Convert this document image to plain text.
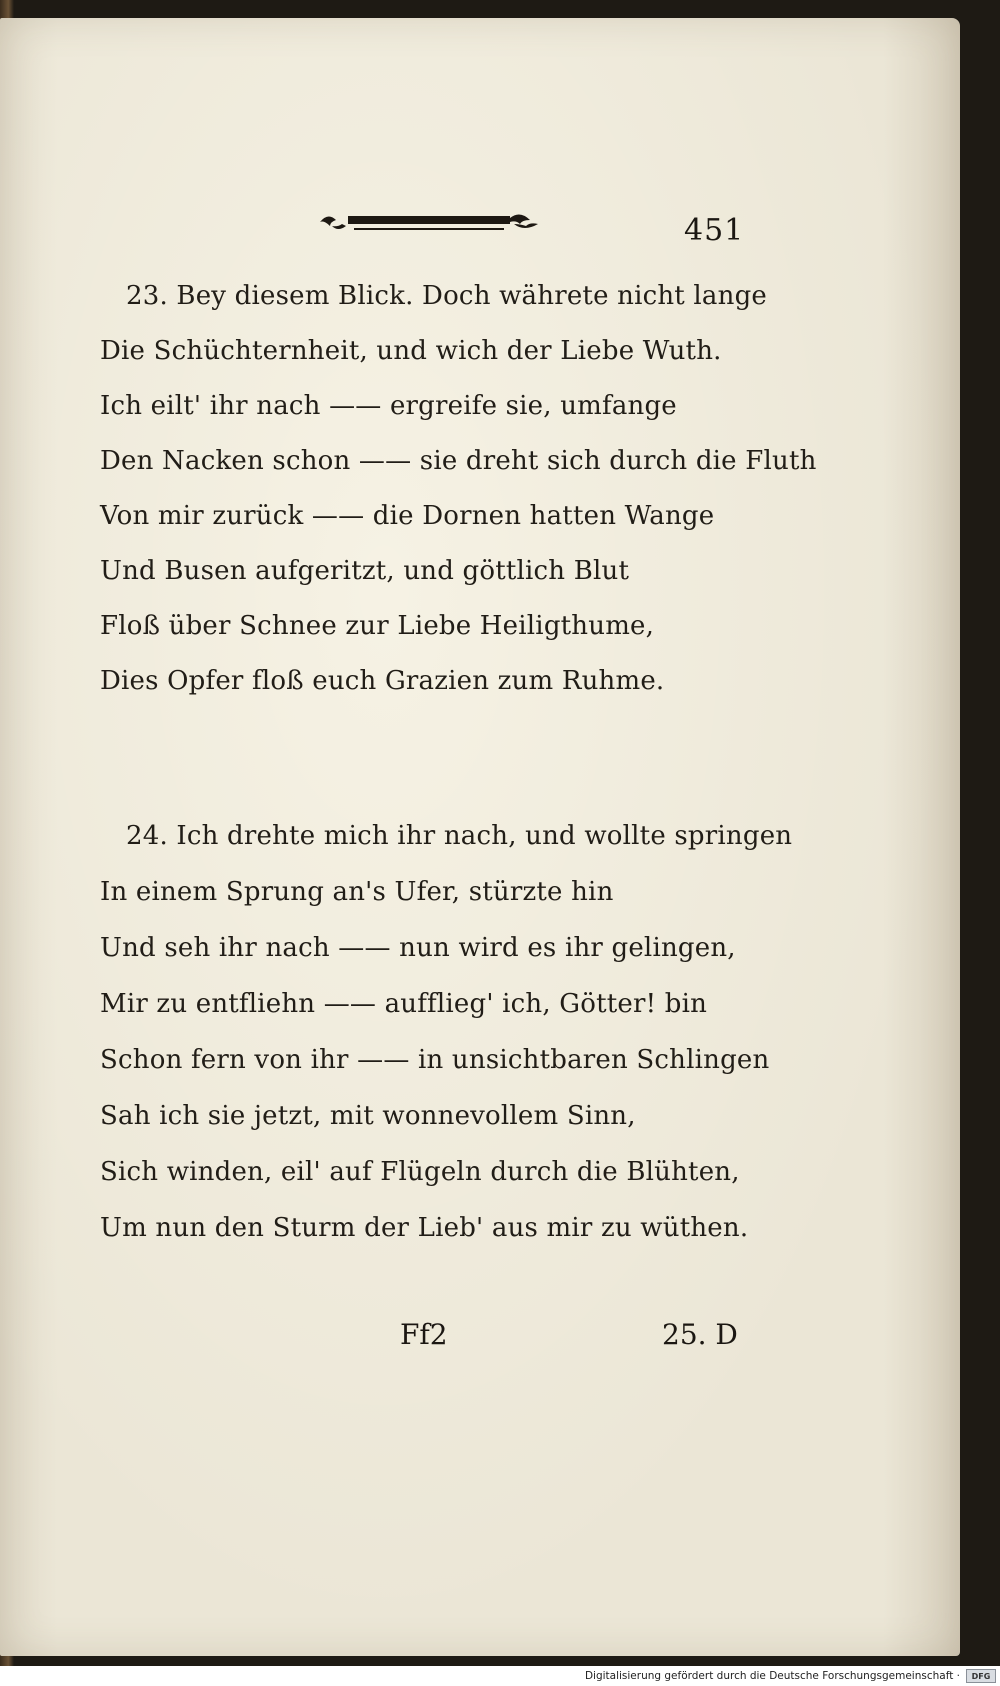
451
23. Bey diesem Blick. Doch währete nicht lange
Die Schüchternheit, und wich der Liebe Wuth.
Ich eilt' ihr nach —— ergreife sie, umfange
Den Nacken schon —— sie dreht sich durch die Fluth
Von mir zurück —— die Dornen hatten Wange
Und Busen aufgeritzt, und göttlich Blut
Floß über Schnee zur Liebe Heiligthume,
Dies Opfer floß euch Grazien zum Ruhme.
24. Ich drehte mich ihr nach, und wollte springen
In einem Sprung an's Ufer, stürzte hin
Und seh ihr nach —— nun wird es ihr gelingen,
Mir zu entfliehn —— aufflieg' ich, Götter! bin
Schon fern von ihr —— in unsichtbaren Schlingen
Sah ich sie jetzt, mit wonnevollem Sinn,
Sich winden, eil' auf Flügeln durch die Blühten,
Um nun den Sturm der Lieb' aus mir zu wüthen.
Ff2	25. D
Digitalisierung gefördert durch die Deutsche Forschungsgemeinschaft ·	DFG
